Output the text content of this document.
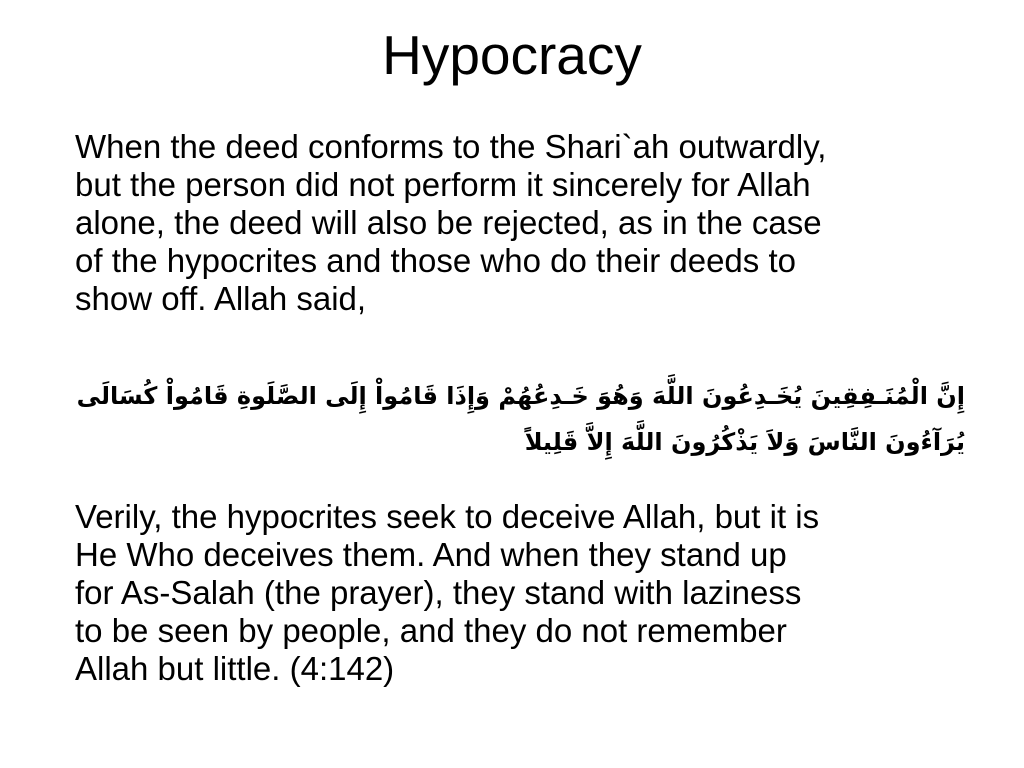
Hypocracy

When the deed conforms to the Shari`ah outwardly,
but the person did not perform it sincerely for Allah
alone, the deed will also be rejected, as in the case
of the hypocrites and those who do their deeds to
show off. Allah said,

إِنَّ الْمُنَـفِقِينَ يُخَـدِعُونَ اللَّهَ وَهُوَ خَـدِعُهُمْ وَإِذَا قَامُواْ إِلَى الصَّلَوةِ قَامُواْ كُسَالَى
يُرَآءُونَ النَّاسَ وَلاَ يَذْكُرُونَ اللَّهَ إِلاَّ قَلِيلاً

Verily, the hypocrites seek to deceive Allah, but it is
He Who deceives them. And when they stand up
for As-Salah (the prayer), they stand with laziness
to be seen by people, and they do not remember
Allah but little. (4:142)
